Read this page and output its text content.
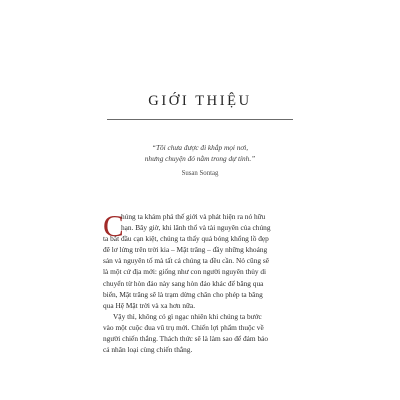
GIỚI THIỆU
“Tôi chưa được đi khắp mọi nơi,
nhưng chuyện đó nằm trong dự tính.”
Susan Sontag
C
húng ta khám phá thế giới và phát hiện ra nó hữu
hạn. Bây giờ, khi lãnh thổ và tài nguyên của chúng
ta bắt đầu cạn kiệt, chúng ta thấy quả bóng khổng lồ đẹp
đẽ lơ lửng trên trời kia – Mặt trăng – đầy những khoáng
sản và nguyên tố mà tất cả chúng ta đều cần. Nó cũng sẽ
là một cứ địa mới: giống như con người nguyên thủy di
chuyển từ hòn đảo này sang hòn đảo khác để băng qua
biển, Mặt trăng sẽ là trạm dừng chân cho phép ta băng
qua Hệ Mặt trời và xa hơn nữa.
Vậy thì, không có gì ngạc nhiên khi chúng ta bước
vào một cuộc đua vũ trụ mới. Chiến lợi phẩm thuộc về
người chiến thắng. Thách thức sẽ là làm sao để đảm bảo
cả nhân loại cùng chiến thắng.
